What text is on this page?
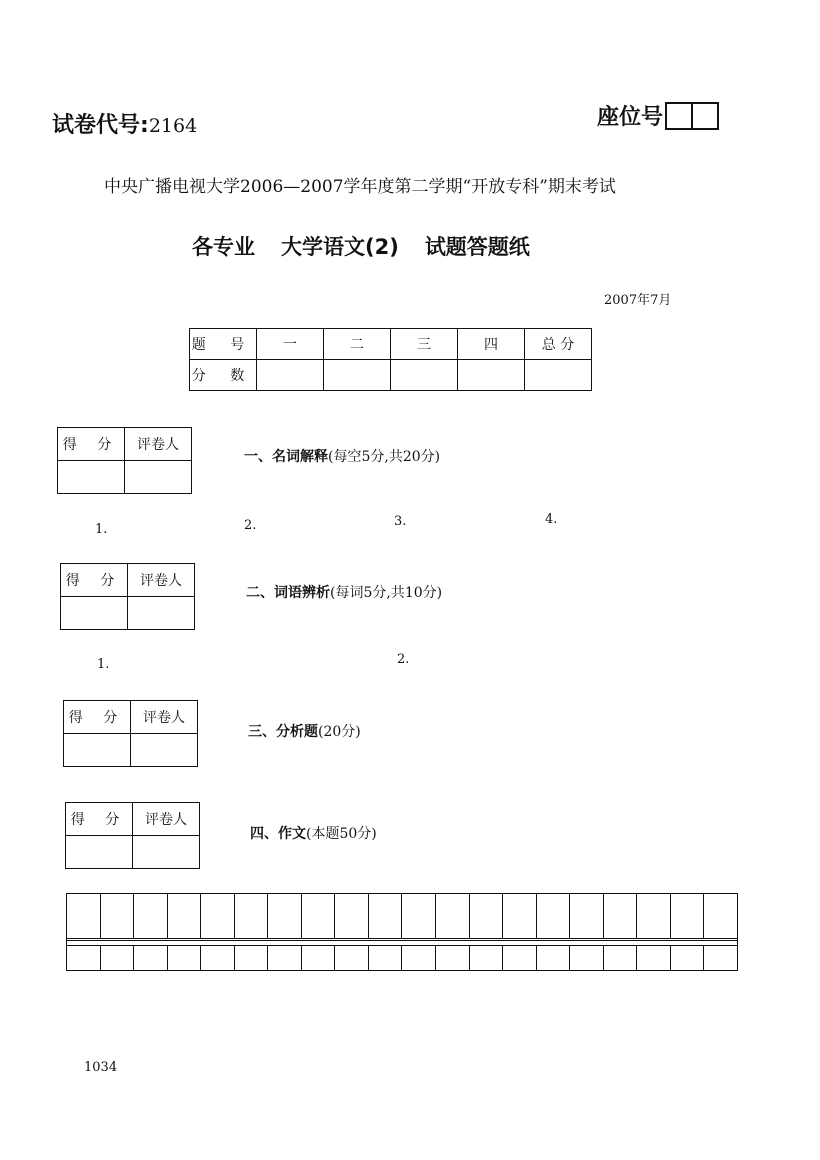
试卷代号:2164	座位号
中央广播电视大学2006—2007学年度第二学期“开放专科”期末考试
各专业 大学语文(2) 试题答题纸
2007年7月
题 号	一	二	三	四	总 分
分 数					
得 分	评卷人

一、名词解释(每空5分,共20分)
1.	2.	3.	4.
得 分	评卷人

二、词语辨析(每词5分,共10分)
1.	2.
得 分	评卷人

三、分析题(20分)
得 分	评卷人

四、作文(本题50分)
1034
